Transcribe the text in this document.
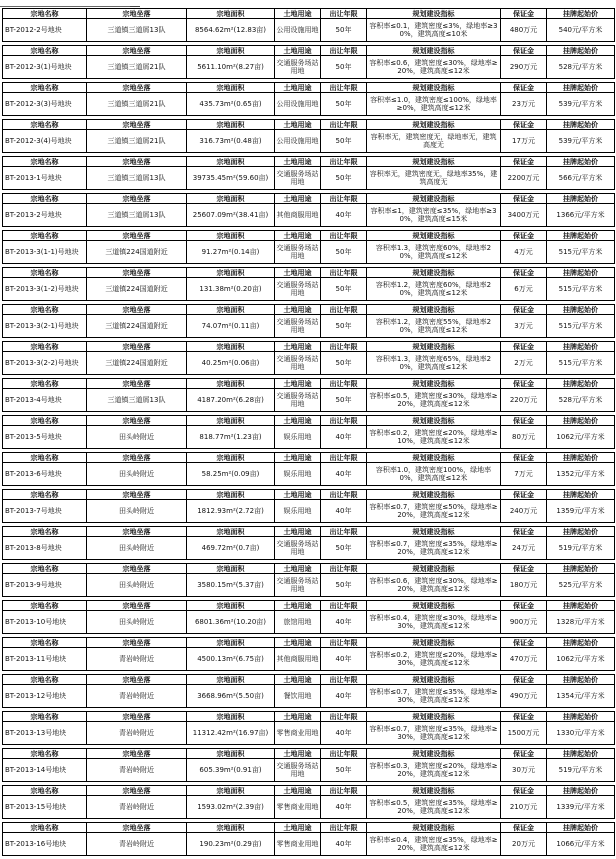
宗地名称	宗地坐落	宗地面积	土地用途	出让年限	规划建设指标	保证金	挂牌起始价
BT-2012-2号地块	三道镇三道屑13队	8564.62m²(12.83亩)	公用设施用地	50年	容积率≤0.1，建筑密度≤3%，绿地率≥30%，建筑高度≤10米	480万元	540元/平方米
宗地名称	宗地坐落	宗地面积	土地用途	出让年限	规划建设指标	保证金	挂牌起始价
BT-2012-3(1)号地块	三道镇三道屑21队	5611.10m²(8.27亩)	交通服务场站用地	50年	容积率≤0.6，建筑密度≤30%，绿地率≥20%，建筑高度≤12米	290万元	528元/平方米
宗地名称	宗地坐落	宗地面积	土地用途	出让年限	规划建设指标	保证金	挂牌起始价
BT-2012-3(3)号地块	三道镇三道屑21队	435.73m²(0.65亩)	公用设施用地	50年	容积率≤1.0，建筑密度≤100%，绿地率≥0%，建筑高度≤12米	23万元	539元/平方米
宗地名称	宗地坐落	宗地面积	土地用途	出让年限	规划建设指标	保证金	挂牌起始价
BT-2012-3(4)号地块	三道镇三道屑21队	316.73m²(0.48亩)	公用设施用地	50年	容积率无，建筑密度无，绿地率无，建筑高度无	17万元	539元/平方米
宗地名称	宗地坐落	宗地面积	土地用途	出让年限	规划建设指标	保证金	挂牌起始价
BT-2013-1号地块	三道镇三道屑13队	39735.45m²(59.60亩)	交通服务场站用地	50年	容积率无，建筑密度无，绿地率35%，建筑高度无	2200万元	566元/平方米
宗地名称	宗地坐落	宗地面积	土地用途	出让年限	规划建设指标	保证金	挂牌起始价
BT-2013-2号地块	三道镇三道屑13队	25607.09m²(38.41亩)	其他商服用地	40年	容积率≤1，建筑密度≤35%，绿地率≥30%，建筑高度≤15米	3400万元	1366元/平方米
宗地名称	宗地坐落	宗地面积	土地用途	出让年限	规划建设指标	保证金	挂牌起始价
BT-2013-3(1-1)号地块	三道镇224国道附近	91.27m²(0.14亩)	交通服务场站用地	50年	容积率1.3，建筑密度60%，绿地率20%，建筑高度≤12米	4万元	515元/平方米
宗地名称	宗地坐落	宗地面积	土地用途	出让年限	规划建设指标	保证金	挂牌起始价
BT-2013-3(1-2)号地块	三道镇224国道附近	131.38m²(0.20亩)	交通服务场站用地	50年	容积率1.2，建筑密度60%，绿地率20%，建筑高度≤12米	6万元	515元/平方米
宗地名称	宗地坐落	宗地面积	土地用途	出让年限	规划建设指标	保证金	挂牌起始价
BT-2013-3(2-1)号地块	三道镇224国道附近	74.07m²(0.11亩)	交通服务场站用地	50年	容积率1.2，建筑密度55%，绿地率20%，建筑高度≤12米	3万元	515元/平方米
宗地名称	宗地坐落	宗地面积	土地用途	出让年限	规划建设指标	保证金	挂牌起始价
BT-2013-3(2-2)号地块	三道镇224国道附近	40.25m²(0.06亩)	交通服务场站用地	50年	容积率1.3，建筑密度65%，绿地率20%，建筑高度≤12米	2万元	515元/平方米
宗地名称	宗地坐落	宗地面积	土地用途	出让年限	规划建设指标	保证金	挂牌起始价
BT-2013-4号地块	三道镇三道屑13队	4187.20m²(6.28亩)	交通服务场站用地	50年	容积率≤0.5，建筑密度≤30%，绿地率≥20%，建筑高度≤12米	220万元	528元/平方米
宗地名称	宗地坐落	宗地面积	土地用途	出让年限	规划建设指标	保证金	挂牌起始价
BT-2013-5号地块	田头岭附近	818.77m²(1.23亩)	娱乐用地	40年	容积率≤0.2，建筑密度≤20%，绿地率≥10%，建筑高度≤12米	80万元	1062元/平方米
宗地名称	宗地坐落	宗地面积	土地用途	出让年限	规划建设指标	保证金	挂牌起始价
BT-2013-6号地块	田头岭附近	58.25m²(0.09亩)	娱乐用地	40年	容积率1.0，建筑密度100%，绿地率0%，建筑高度≤12米	7万元	1352元/平方米
宗地名称	宗地坐落	宗地面积	土地用途	出让年限	规划建设指标	保证金	挂牌起始价
BT-2013-7号地块	田头岭附近	1812.93m²(2.72亩)	娱乐用地	40年	容积率≤0.7，建筑密度≤50%，绿地率≥20%，建筑高度≤12米	240万元	1359元/平方米
宗地名称	宗地坐落	宗地面积	土地用途	出让年限	规划建设指标	保证金	挂牌起始价
BT-2013-8号地块	田头岭附近	469.72m²(0.7亩)	交通服务场站用地	50年	容积率≤0.7，建筑密度≤35%，绿地率≥20%，建筑高度≤12米	24万元	519元/平方米
宗地名称	宗地坐落	宗地面积	土地用途	出让年限	规划建设指标	保证金	挂牌起始价
BT-2013-9号地块	田头岭附近	3580.15m²(5.37亩)	交通服务场站用地	50年	容积率≤0.6，建筑密度≤30%，绿地率≥20%，建筑高度≤12米	180万元	525元/平方米
宗地名称	宗地坐落	宗地面积	土地用途	出让年限	规划建设指标	保证金	挂牌起始价
BT-2013-10号地块	田头岭附近	6801.36m²(10.20亩)	旅馆用地	40年	容积率≤0.4，建筑密度≤30%，绿地率≥30%，建筑高度≤12米	900万元	1328元/平方米
宗地名称	宗地坐落	宗地面积	土地用途	出让年限	规划建设指标	保证金	挂牌起始价
BT-2013-11号地块	青岩岭附近	4500.13m²(6.75亩)	其他商服用地	40年	容积率≤0.2，建筑密度≤20%，绿地率≥30%，建筑高度≤12米	470万元	1062元/平方米
宗地名称	宗地坐落	宗地面积	土地用途	出让年限	规划建设指标	保证金	挂牌起始价
BT-2013-12号地块	青岩岭附近	3668.96m²(5.50亩)	餐饮用地	40年	容积率≤0.7，建筑密度≤35%，绿地率≥30%，建筑高度≤12米	490万元	1354元/平方米
宗地名称	宗地坐落	宗地面积	土地用途	出让年限	规划建设指标	保证金	挂牌起始价
BT-2013-13号地块	青岩岭附近	11312.42m²(16.97亩)	零售商业用地	40年	容积率≤0.7，建筑密度≤35%，绿地率≥30%，建筑高度≤12米	1500万元	1330元/平方米
宗地名称	宗地坐落	宗地面积	土地用途	出让年限	规划建设指标	保证金	挂牌起始价
BT-2013-14号地块	青岩岭附近	605.39m²(0.91亩)	交通服务场站用地	50年	容积率≤0.3，建筑密度≤20%，绿地率≥20%，建筑高度≤12米	30万元	519元/平方米
宗地名称	宗地坐落	宗地面积	土地用途	出让年限	规划建设指标	保证金	挂牌起始价
BT-2013-15号地块	青岩岭附近	1593.02m²(2.39亩)	零售商业用地	40年	容积率≤0.5，建筑密度≤35%，绿地率≥20%，建筑高度≤12米	210万元	1339元/平方米
宗地名称	宗地坐落	宗地面积	土地用途	出让年限	规划建设指标	保证金	挂牌起始价
BT-2013-16号地块	青岩岭附近	190.23m²(0.29亩)	零售商业用地	40年	容积率≤0.4，建筑密度≤35%，绿地率≥20%，建筑高度≤12米	20万元	1066元/平方米
